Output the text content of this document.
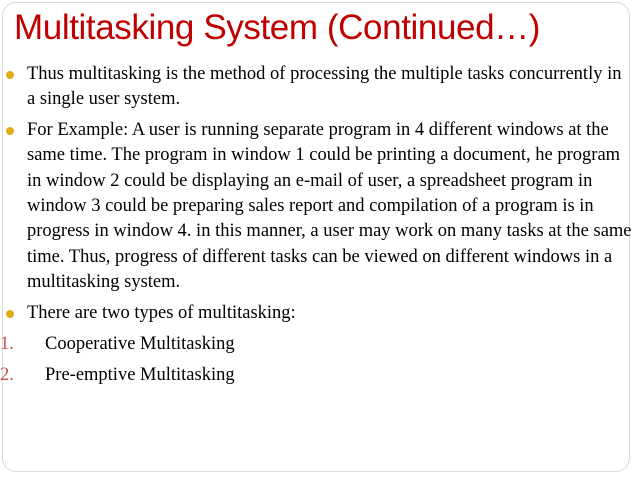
Multitasking System (Continued…)
Thus multitasking is the method of processing the multiple tasks concurrently in a single user system.
For Example: A user is running separate program in 4 different windows at the same time. The program in window 1 could be printing a document, he program in window 2 could be displaying an e-mail of user, a spreadsheet program in window 3 could be preparing sales report and compilation of a program is in progress in window 4. in this manner, a user may work on many tasks at the same time. Thus, progress of different tasks can be viewed on different windows in a multitasking system.
There are two types of multitasking:
1. Cooperative Multitasking
2. Pre-emptive Multitasking
